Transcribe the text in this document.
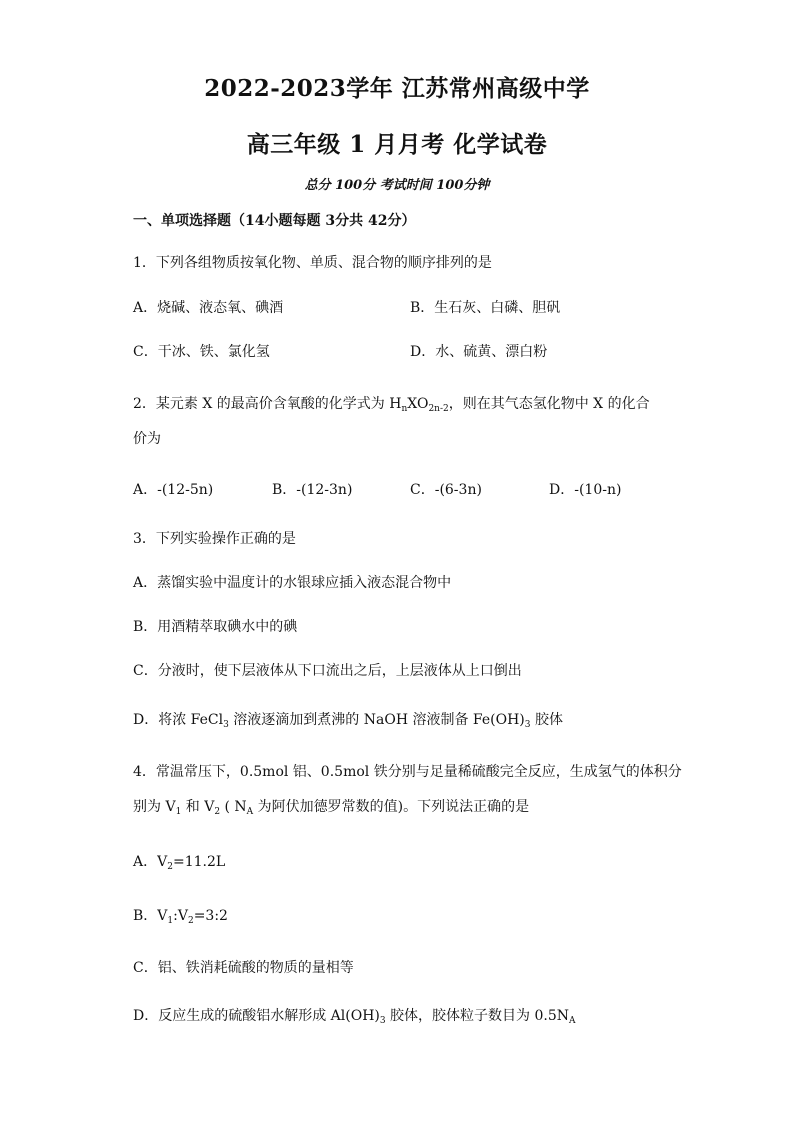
2022-2023学年 江苏常州高级中学
高三年级 1 月月考 化学试卷
总分 100分 考试时间 100分钟
一、单项选择题（14小题每题 3分共 42分）
1．下列各组物质按氧化物、单质、混合物的顺序排列的是
A．烧碱、液态氧、碘酒	B．生石灰、白磷、胆矾
C．干冰、铁、氯化氢	D．水、硫黄、漂白粉
2．某元素 X 的最高价含氧酸的化学式为 $H_nXO_{2n-2}$，则在其气态氢化物中 X 的化合
价为
A．-(12-5n)	B．-(12-3n)	C．-(6-3n)	D．-(10-n)
3．下列实验操作正确的是
A．蒸馏实验中温度计的水银球应插入液态混合物中
B．用酒精萃取碘水中的碘
C．分液时，使下层液体从下口流出之后，上层液体从上口倒出
D．将浓 FeCl$_3$ 溶液逐滴加到煮沸的 NaOH 溶液制备 $Fe(OH)_3$ 胶体
4．常温常压下，0.5mol 铝、0.5mol 铁分别与足量稀硫酸完全反应，生成氢气的体积分
别为 $V_1$ 和 $V_2$ ( $N_A$ 为阿伏加德罗常数的值)。下列说法正确的是
A．$V_2=11.2L$
B．$V_1:V_2=3:2$
C．铝、铁消耗硫酸的物质的量相等
D．反应生成的硫酸铝水解形成 $Al(OH)_3$ 胶体，胶体粒子数目为 $0.5N_A$
